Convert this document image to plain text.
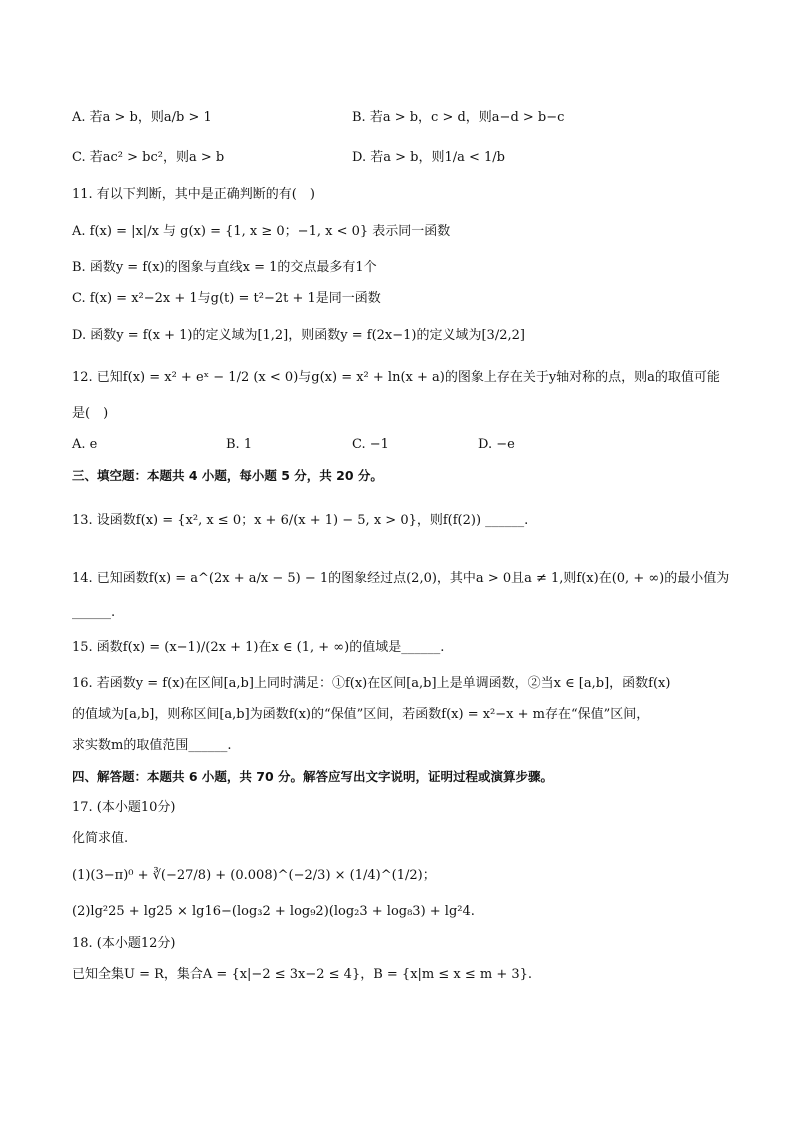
A. 若a > b，则a/b > 1	B. 若a > b，c > d，则a−d > b−c
C. 若ac² > bc²，则a > b	D. 若a > b，则1/a < 1/b
11. 有以下判断，其中是正确判断的有(　)
A. f(x) = |x|/x 与 g(x) = {1, x ≥ 0；−1, x < 0} 表示同一函数
B. 函数y = f(x)的图象与直线x = 1的交点最多有1个
C. f(x) = x²−2x + 1与g(t) = t²−2t + 1是同一函数
D. 函数y = f(x + 1)的定义域为[1,2]，则函数y = f(2x−1)的定义域为[3/2,2]
12. 已知f(x) = x² + eˣ − 1/2 (x < 0)与g(x) = x² + ln(x + a)的图象上存在关于y轴对称的点，则a的取值可能
是(　)
A. e	B. 1	C. −1	D. −e
三、填空题：本题共 4 小题，每小题 5 分，共 20 分。
13. 设函数f(x) = {x², x ≤ 0；x + 6/(x + 1) − 5, x > 0}，则f(f(2)) ______.
14. 已知函数f(x) = a^(2x + a/x − 5) − 1的图象经过点(2,0)，其中a > 0且a ≠ 1,则f(x)在(0, + ∞)的最小值为
______.
15. 函数f(x) = (x−1)/(2x + 1)在x ∈ (1, + ∞)的值域是______.
16. 若函数y = f(x)在区间[a,b]上同时满足：①f(x)在区间[a,b]上是单调函数，②当x ∈ [a,b]，函数f(x)
的值域为[a,b]，则称区间[a,b]为函数f(x)的“保值”区间，若函数f(x) = x²−x + m存在“保值”区间，
求实数m的取值范围______.
四、解答题：本题共 6 小题，共 70 分。解答应写出文字说明，证明过程或演算步骤。
17. (本小题10分)
化简求值.
(1)(3−π)⁰ + ∛(−27/8) + (0.008)^(−2/3) × (1/4)^(1/2)；
(2)lg²25 + lg25 × lg16−(log₃2 + log₉2)(log₂3 + log₈3) + lg²4.
18. (本小题12分)
已知全集U = R，集合A = {x|−2 ≤ 3x−2 ≤ 4}，B = {x|m ≤ x ≤ m + 3}.
